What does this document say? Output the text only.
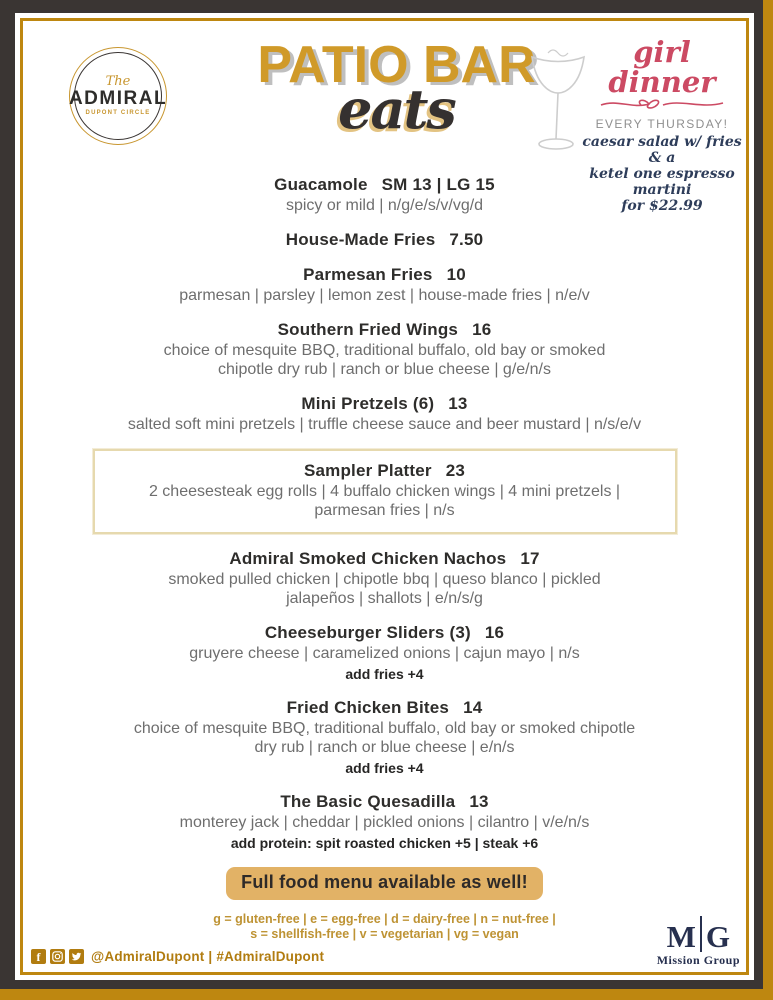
The
ADMIRAL
DUPONT CIRCLE
PATIO BAR
eats
girl dinner
EVERY THURSDAY!
caesar salad w/ fries & a
ketel one espresso martini
for $22.99
Guacamole SM 13 | LG 15
spicy or mild | n/g/e/s/v/vg/d
House-Made Fries 7.50
Parmesan Fries 10
parmesan | parsley | lemon zest | house-made fries | n/e/v
Southern Fried Wings 16
choice of mesquite BBQ, traditional buffalo, old bay or smoked
chipotle dry rub | ranch or blue cheese | g/e/n/s
Mini Pretzels (6) 13
salted soft mini pretzels | truffle cheese sauce and beer mustard | n/s/e/v
Sampler Platter 23
2 cheesesteak egg rolls | 4 buffalo chicken wings | 4 mini pretzels |
parmesan fries | n/s
Admiral Smoked Chicken Nachos 17
smoked pulled chicken | chipotle bbq | queso blanco | pickled
jalapeños | shallots | e/n/s/g
Cheeseburger Sliders (3) 16
gruyere cheese | caramelized onions | cajun mayo | n/s
add fries +4
Fried Chicken Bites 14
choice of mesquite BBQ, traditional buffalo, old bay or smoked chipotle
dry rub | ranch or blue cheese | e/n/s
add fries +4
The Basic Quesadilla 13
monterey jack | cheddar | pickled onions | cilantro | v/e/n/s
add protein: spit roasted chicken +5 | steak +6
Full food menu available as well!
g = gluten-free | e = egg-free | d = dairy-free | n = nut-free |
s = shellfish-free | v = vegetarian | vg = vegan
f	@AdmiralDupont | #AdmiralDupont
M G
Mission Group
